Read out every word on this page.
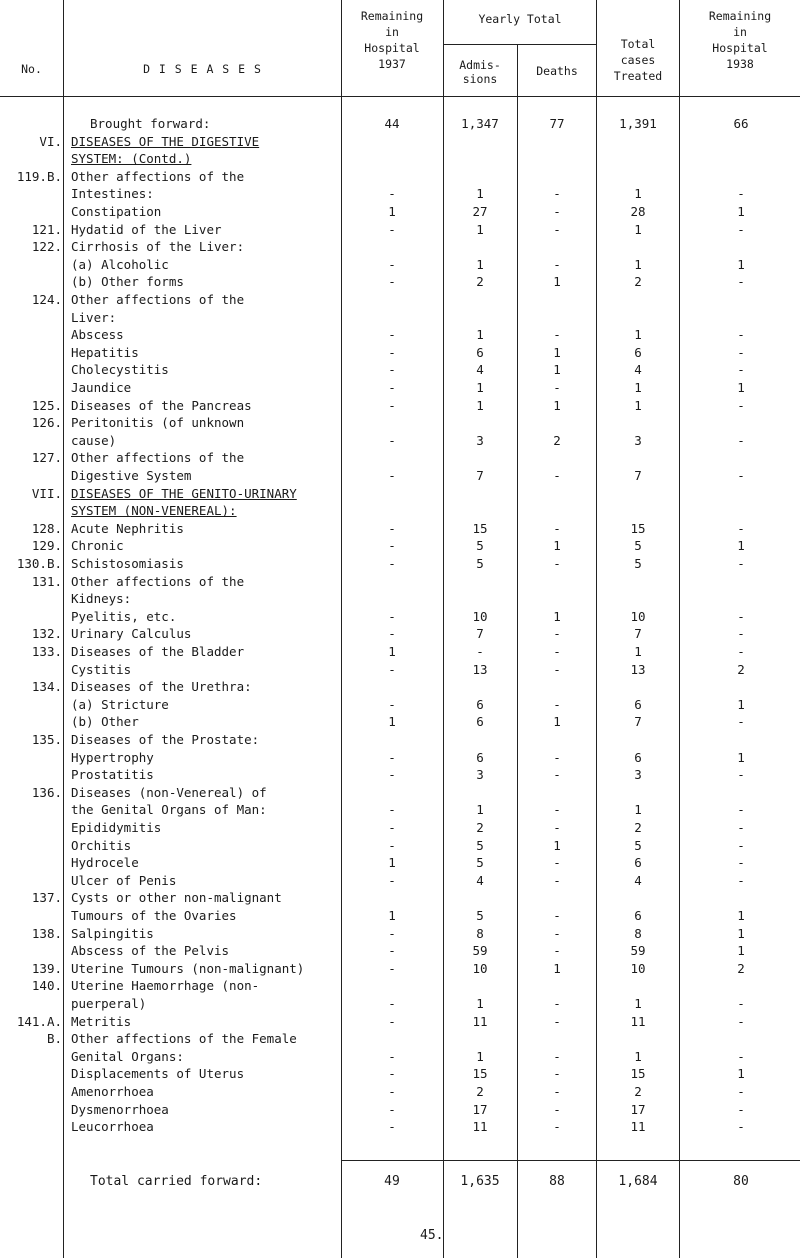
No.	D I S E A S E S
Remaining
in
Hospital
1937
Yearly Total
Admis-
sions
Deaths
Total
cases
Treated
Remaining
in
Hospital
1938
Brought forward:	44	1,347	77	1,391	66
VI. DISEASES OF THE DIGESTIVE
SYSTEM: (Contd.)
119.B. Other affections of the
Intestines:	-	1	-	1	-
Constipation	1	27	-	28	1
121. Hydatid of the Liver	-	1	-	1	-
122. Cirrhosis of the Liver:
(a) Alcoholic	-	1	-	1	1
(b) Other forms	-	2	1	2	-
124. Other affections of the
Liver:
Abscess	-	1	-	1	-
Hepatitis	-	6	1	6	-
Cholecystitis	-	4	1	4	-
Jaundice	-	1	-	1	1
125. Diseases of the Pancreas	-	1	1	1	-
126. Peritonitis (of unknown
cause)	-	3	2	3	-
127. Other affections of the
Digestive System	-	7	-	7	-
VII. DISEASES OF THE GENITO-URINARY
SYSTEM (NON-VENEREAL):
128. Acute Nephritis	-	15	-	15	-
129. Chronic	-	5	1	5	1
130.B. Schistosomiasis	-	5	-	5	-
131. Other affections of the
Kidneys:
Pyelitis, etc.	-	10	1	10	-
132. Urinary Calculus	-	7	-	7	-
133. Diseases of the Bladder	1	-	-	1	-
Cystitis	-	13	-	13	2
134. Diseases of the Urethra:
(a) Stricture	-	6	-	6	1
(b) Other	1	6	1	7	-
135. Diseases of the Prostate:
Hypertrophy	-	6	-	6	1
Prostatitis	-	3	-	3	-
136. Diseases (non-Venereal) of
the Genital Organs of Man:	-	1	-	1	-
Epididymitis	-	2	-	2	-
Orchitis	-	5	1	5	-
Hydrocele	1	5	-	6	-
Ulcer of Penis	-	4	-	4	-
137. Cysts or other non-malignant
Tumours of the Ovaries	1	5	-	6	1
138. Salpingitis	-	8	-	8	1
Abscess of the Pelvis	-	59	-	59	1
139. Uterine Tumours (non-malignant)	-	10	1	10	2
140. Uterine Haemorrhage (non-
puerperal)	-	1	-	1	-
141.A. Metritis	-	11	-	11	-
B. Other affections of the Female
Genital Organs:	-	1	-	1	-
Displacements of Uterus	-	15	-	15	1
Amenorrhoea	-	2	-	2	-
Dysmenorrhoea	-	17	-	17	-
Leucorrhoea	-	11	-	11	-
Total carried forward:	49	1,635	88	1,684	80
45.
